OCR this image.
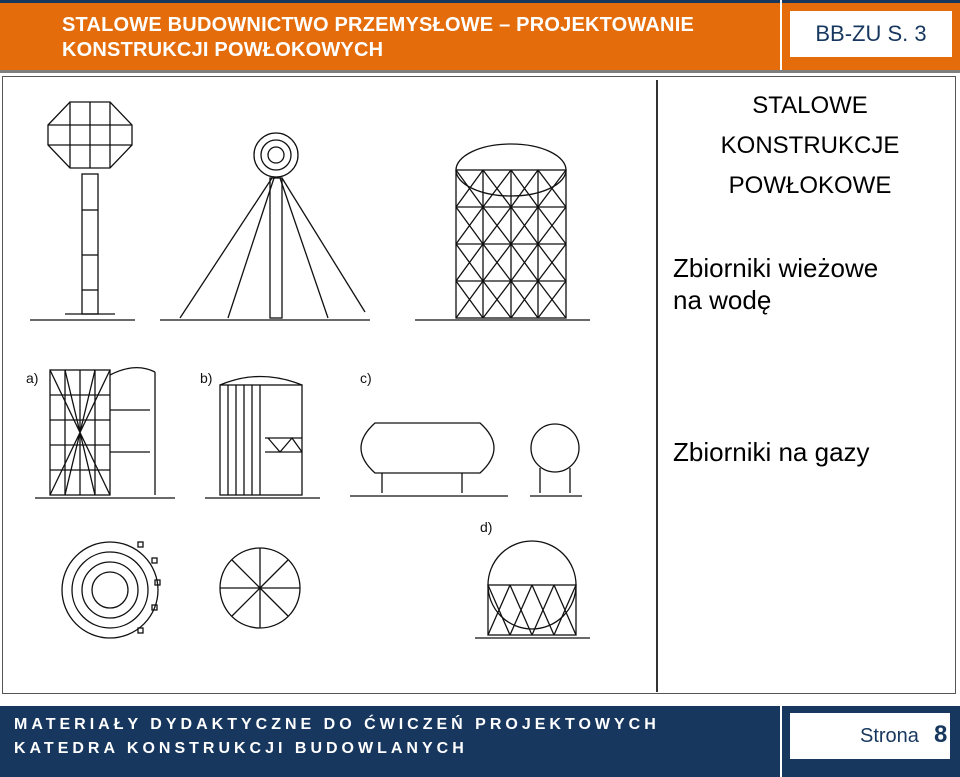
STALOWE BUDOWNICTWO PRZEMYSŁOWE – PROJEKTOWANIE
KONSTRUKCJI POWŁOKOWYCH
BB-ZU S. 3
STALOWE
KONSTRUKCJE
POWŁOKOWE
Zbiorniki wieżowe
na wodę
Zbiorniki na gazy
a)	b)	c)
d)
MATERIAŁY DYDAKTYCZNE DO ĆWICZEŃ PROJEKTOWYCH
KATEDRA KONSTRUKCJI BUDOWLANYCH
Strona 8
